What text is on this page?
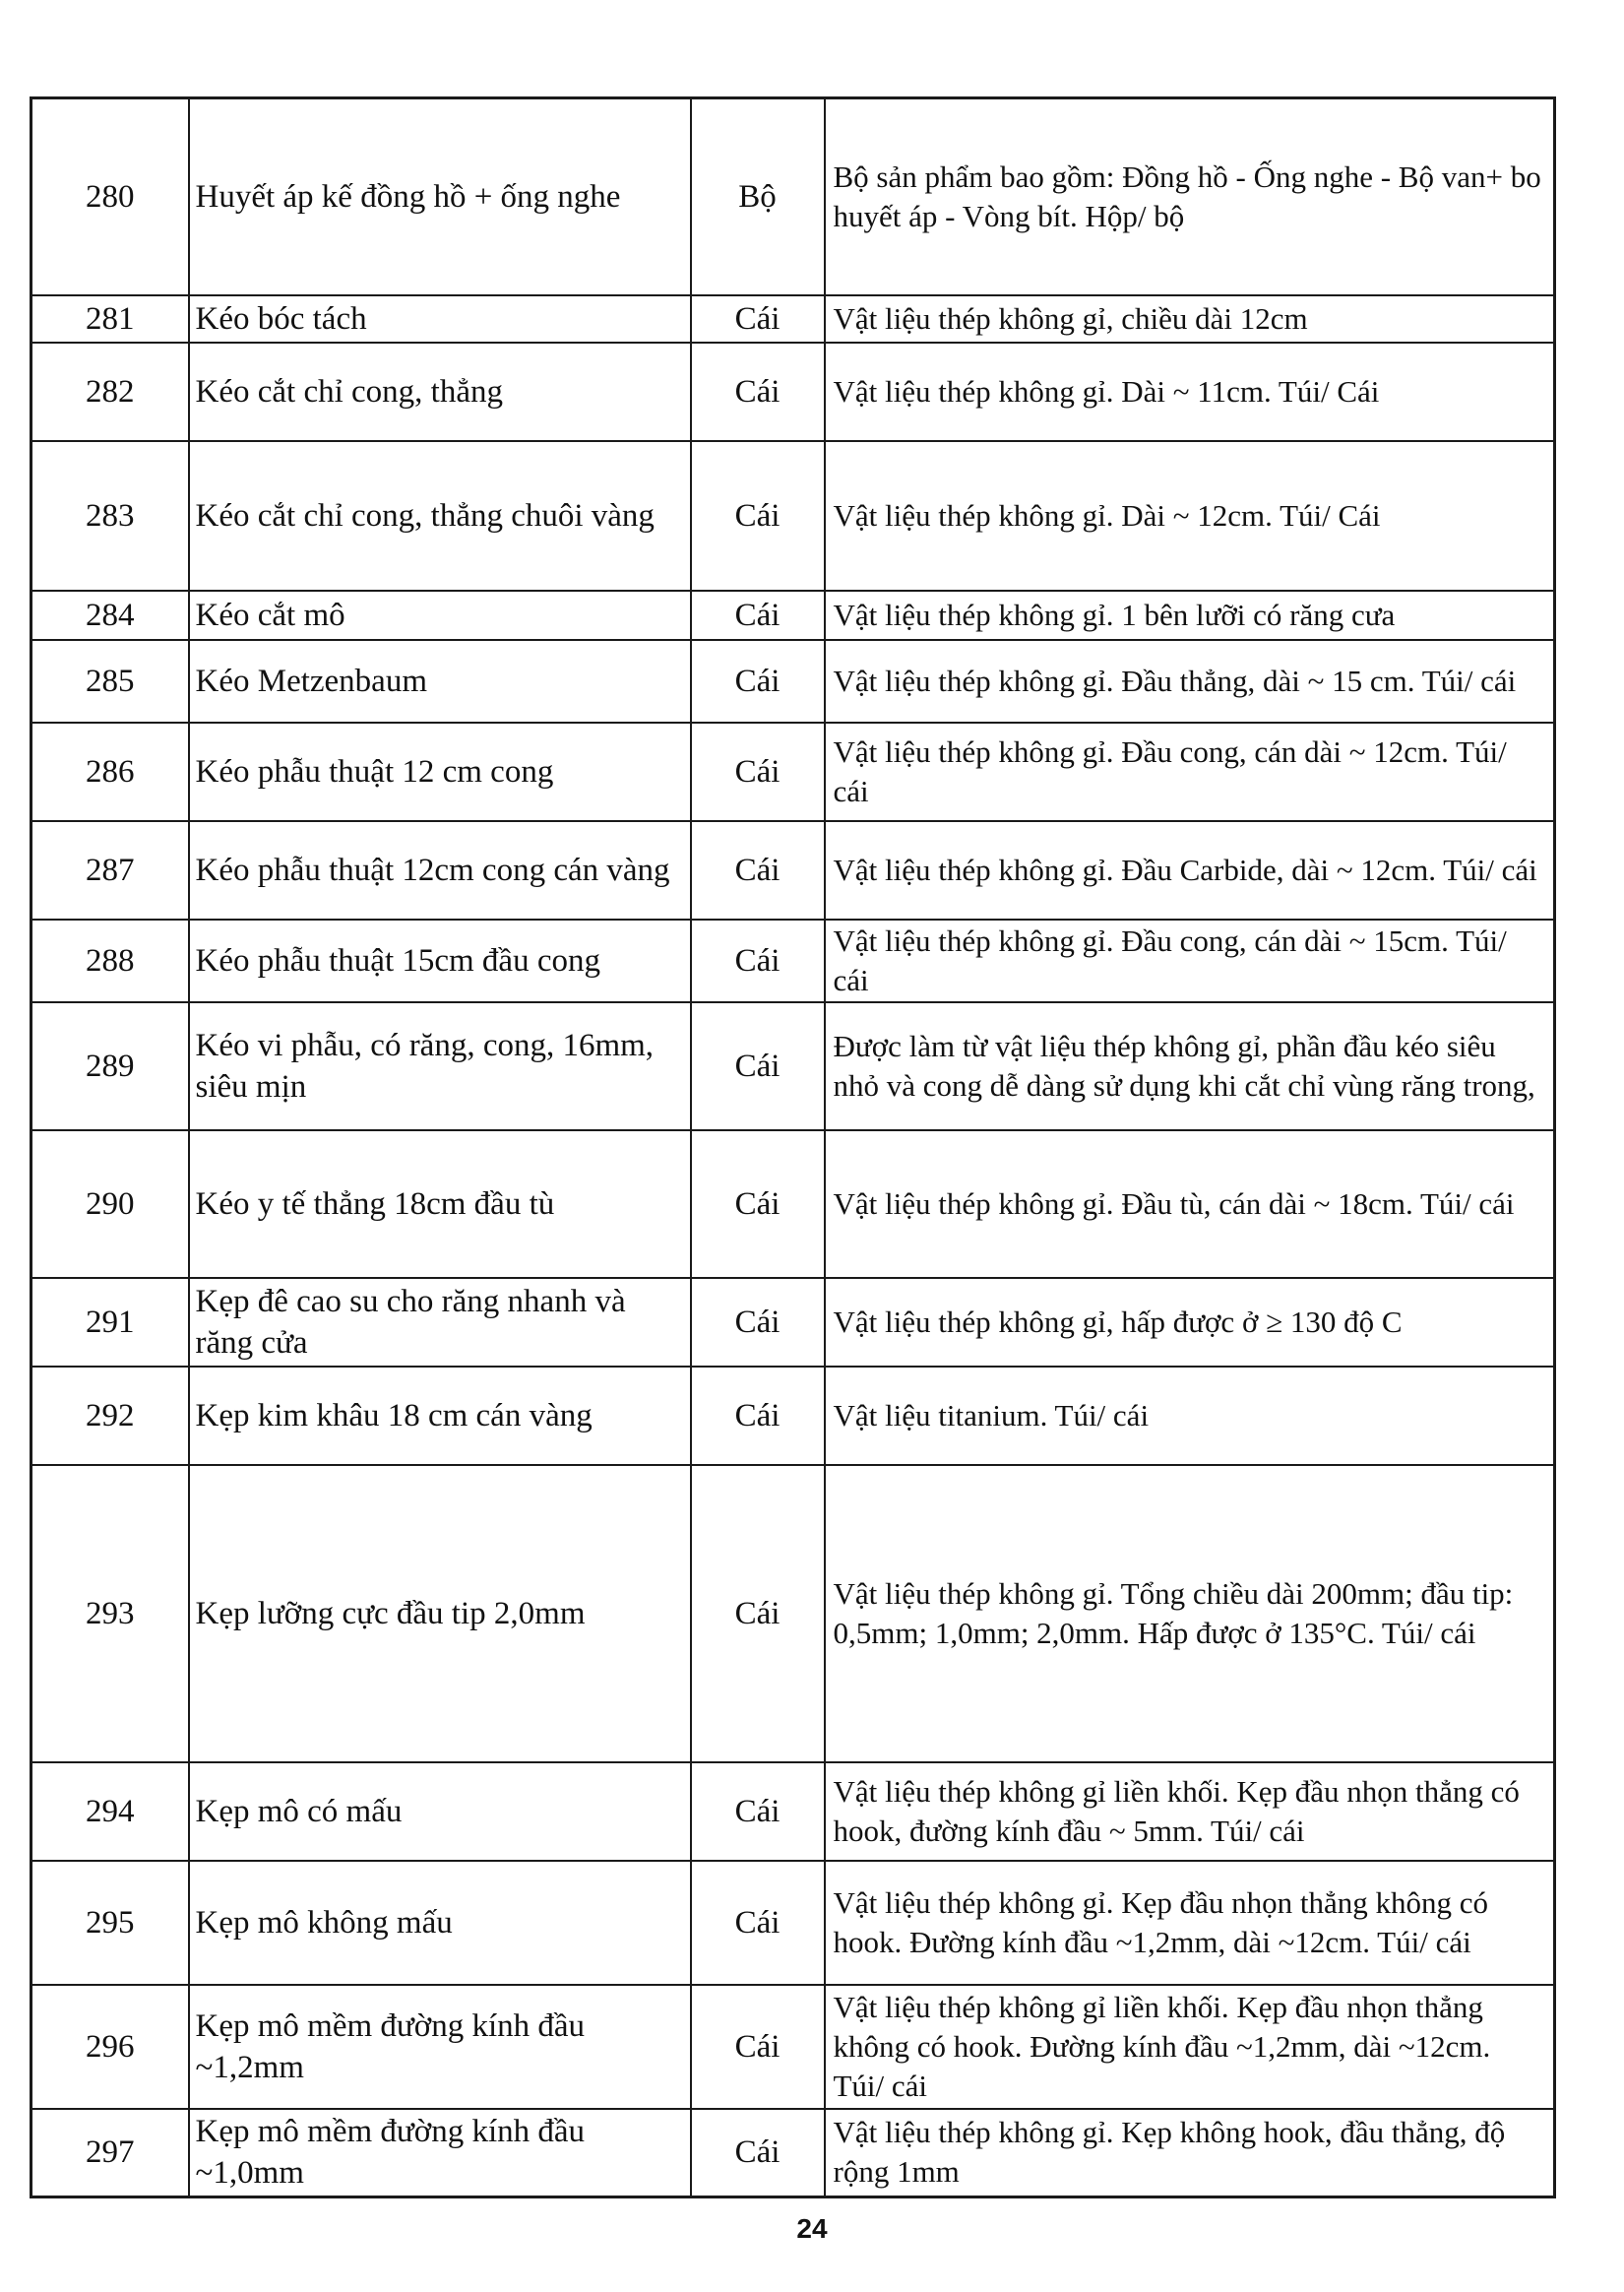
280	Huyết áp kế đồng hồ + ống nghe	Bộ	Bộ sản phẩm bao gồm: Đồng hồ - Ống nghe - Bộ van+ bo huyết áp - Vòng bít. Hộp/ bộ
281	Kéo bóc tách	Cái	Vật liệu thép không gỉ, chiều dài 12cm
282	Kéo cắt chỉ cong, thẳng	Cái	Vật liệu thép không gỉ. Dài ~ 11cm. Túi/ Cái
283	Kéo cắt chỉ cong, thẳng chuôi vàng	Cái	Vật liệu thép không gỉ. Dài ~ 12cm. Túi/ Cái
284	Kéo cắt mô	Cái	Vật liệu thép không gỉ. 1 bên lưỡi có răng cưa
285	Kéo Metzenbaum	Cái	Vật liệu thép không gỉ. Đầu thẳng, dài ~ 15 cm. Túi/ cái
286	Kéo phẫu thuật 12 cm cong	Cái	Vật liệu thép không gỉ. Đầu cong, cán dài ~ 12cm. Túi/ cái
287	Kéo phẫu thuật 12cm cong cán vàng	Cái	Vật liệu thép không gỉ. Đầu Carbide, dài ~ 12cm. Túi/ cái
288	Kéo phẫu thuật 15cm đầu cong	Cái	Vật liệu thép không gỉ. Đầu cong, cán dài ~ 15cm. Túi/ cái
289	Kéo vi phẫu, có răng, cong, 16mm, siêu mịn	Cái	Được làm từ vật liệu thép không gỉ, phần đầu kéo siêu nhỏ và cong dễ dàng sử dụng khi cắt chỉ vùng răng trong,
290	Kéo y tế thẳng 18cm đầu tù	Cái	Vật liệu thép không gỉ. Đầu tù, cán dài ~ 18cm. Túi/ cái
291	Kẹp đê cao su cho răng nhanh và răng cửa	Cái	Vật liệu thép không gỉ, hấp được ở ≥ 130 độ C
292	Kẹp kim khâu 18 cm cán vàng	Cái	Vật liệu titanium. Túi/ cái
293	Kẹp lưỡng cực đầu tip 2,0mm	Cái	Vật liệu thép không gỉ. Tổng chiều dài 200mm; đầu tip: 0,5mm; 1,0mm; 2,0mm. Hấp được ở 135°C. Túi/ cái
294	Kẹp mô có mấu	Cái	Vật liệu thép không gỉ liền khối. Kẹp đầu nhọn thẳng có hook, đường kính đầu ~ 5mm. Túi/ cái
295	Kẹp mô không mấu	Cái	Vật liệu thép không gỉ. Kẹp đầu nhọn thẳng không có hook. Đường kính đầu ~1,2mm, dài ~12cm. Túi/ cái
296	Kẹp mô mềm đường kính đầu ~1,2mm	Cái	Vật liệu thép không gỉ liền khối. Kẹp đầu nhọn thẳng không có hook. Đường kính đầu ~1,2mm, dài ~12cm. Túi/ cái
297	Kẹp mô mềm đường kính đầu ~1,0mm	Cái	Vật liệu thép không gỉ. Kẹp không hook, đầu thẳng, độ rộng 1mm
24
